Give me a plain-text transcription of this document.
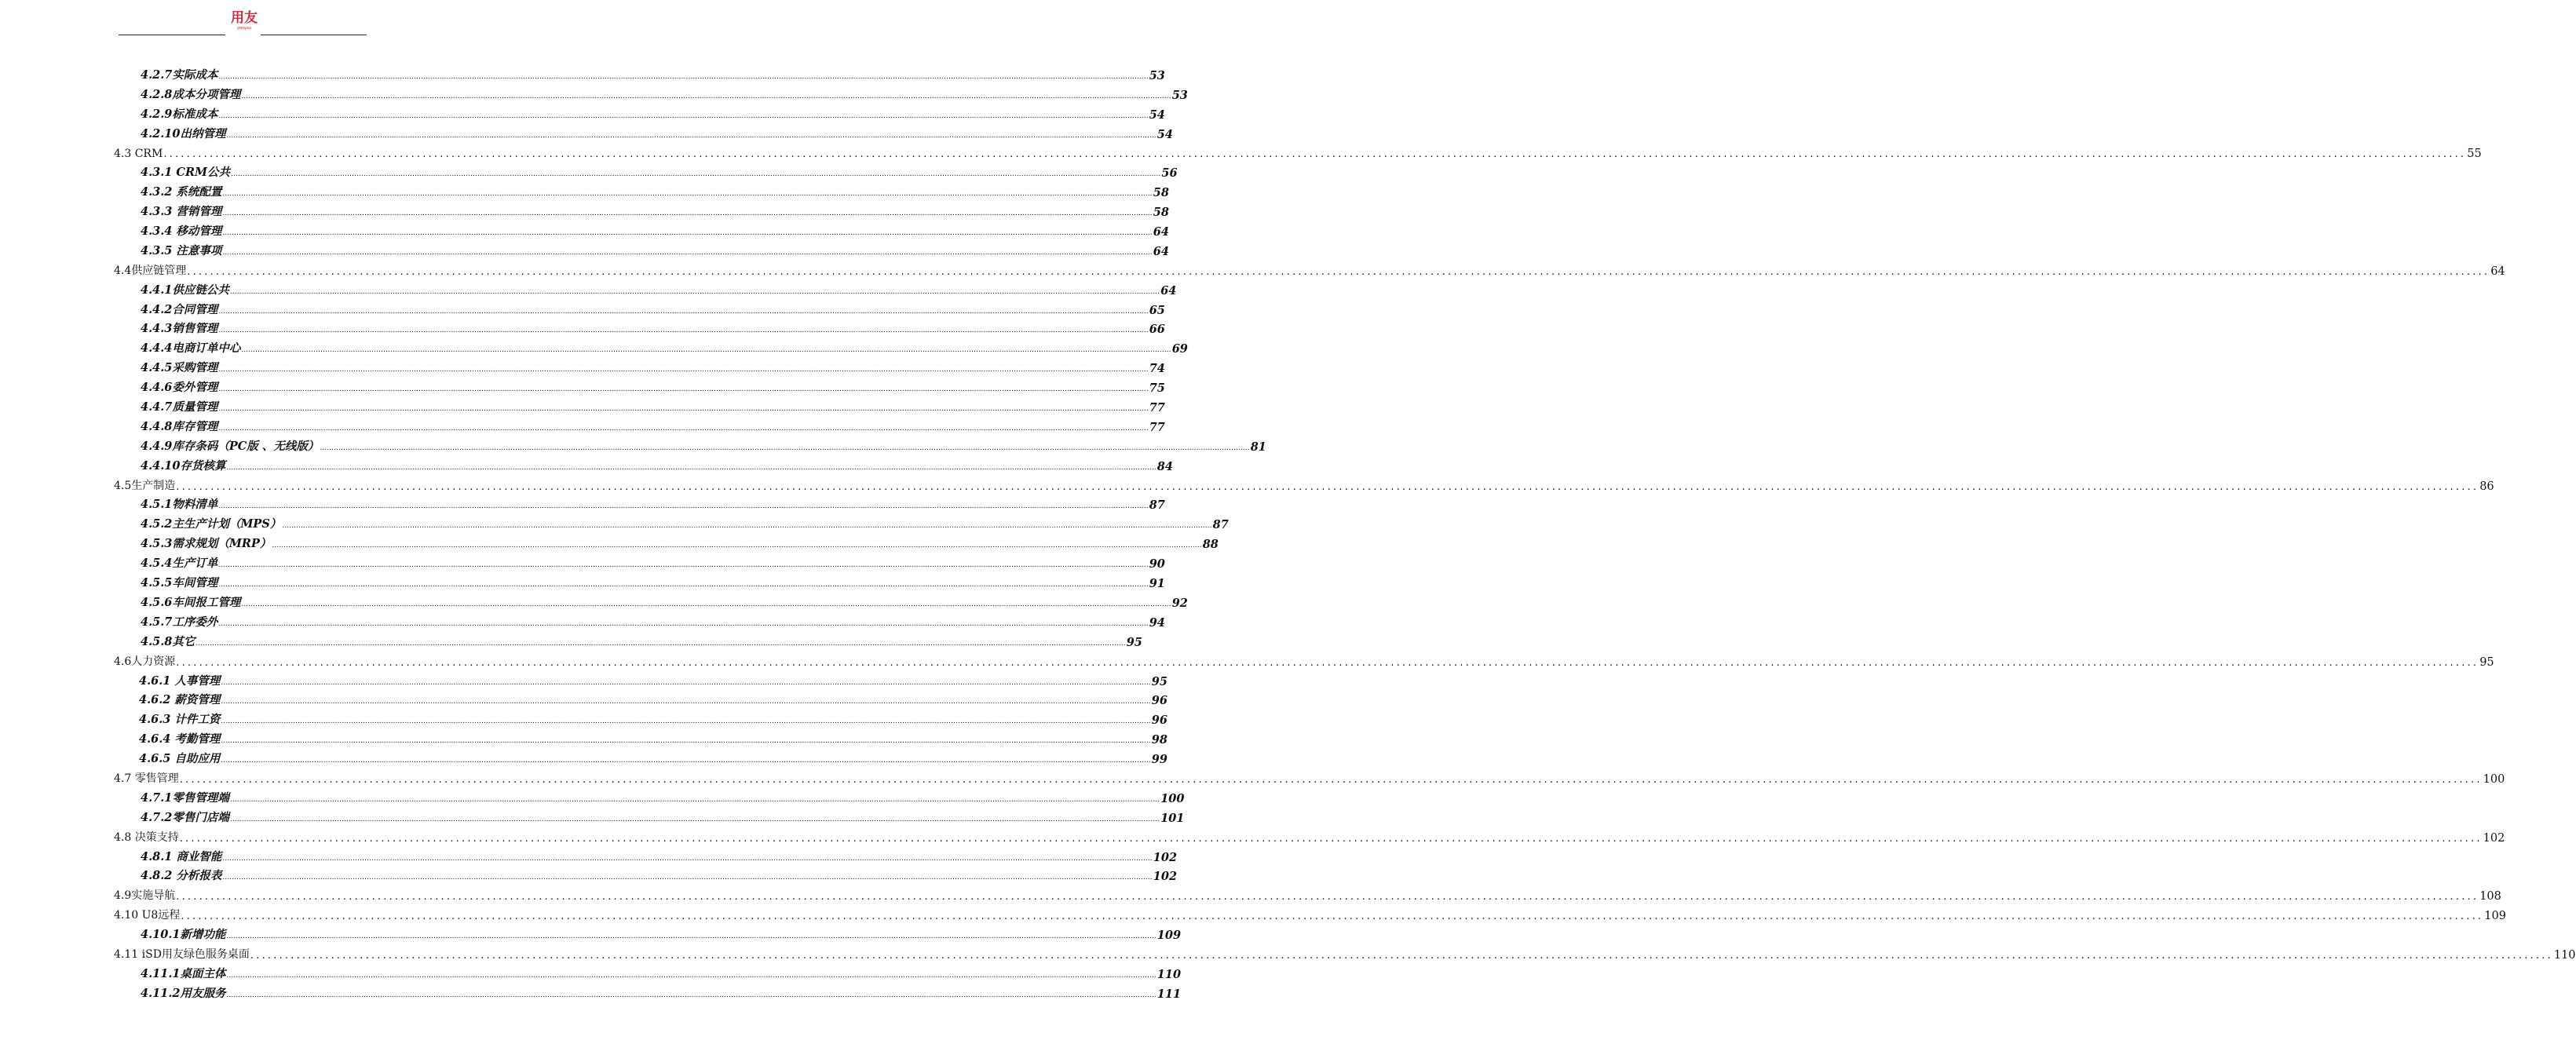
用友
yonyou
4.2.7实际成本 ................................................................................................................................................................................................................................................................................................................................................................................................................ 53
4.2.8成本分项管理 ................................................................................................................................................................................................................................................................................................................................................................................................................ 53
4.2.9标准成本 ................................................................................................................................................................................................................................................................................................................................................................................................................ 54
4.2.10出纳管理 ................................................................................................................................................................................................................................................................................................................................................................................................................ 54
4.3 CRM ................................................................................................................................................................................................................................................................................................................................................................................................................ 55
4.3.1 CRM公共 ................................................................................................................................................................................................................................................................................................................................................................................................................ 56
4.3.2 系统配置 ................................................................................................................................................................................................................................................................................................................................................................................................................ 58
4.3.3 营销管理 ................................................................................................................................................................................................................................................................................................................................................................................................................ 58
4.3.4 移动管理 ................................................................................................................................................................................................................................................................................................................................................................................................................ 64
4.3.5 注意事项 ................................................................................................................................................................................................................................................................................................................................................................................................................ 64
4.4供应链管理 ................................................................................................................................................................................................................................................................................................................................................................................................................ 64
4.4.1供应链公共 ................................................................................................................................................................................................................................................................................................................................................................................................................ 64
4.4.2合同管理 ................................................................................................................................................................................................................................................................................................................................................................................................................ 65
4.4.3销售管理 ................................................................................................................................................................................................................................................................................................................................................................................................................ 66
4.4.4电商订单中心 ................................................................................................................................................................................................................................................................................................................................................................................................................ 69
4.4.5采购管理 ................................................................................................................................................................................................................................................................................................................................................................................................................ 74
4.4.6委外管理 ................................................................................................................................................................................................................................................................................................................................................................................................................ 75
4.4.7质量管理 ................................................................................................................................................................................................................................................................................................................................................................................................................ 77
4.4.8库存管理 ................................................................................................................................................................................................................................................................................................................................................................................................................ 77
4.4.9库存条码（PC版 、无线版） ................................................................................................................................................................................................................................................................................................................................................................................................................ 81
4.4.10存货核算 ................................................................................................................................................................................................................................................................................................................................................................................................................ 84
4.5生产制造 ................................................................................................................................................................................................................................................................................................................................................................................................................ 86
4.5.1物料清单 ................................................................................................................................................................................................................................................................................................................................................................................................................ 87
4.5.2主生产计划（MPS） ................................................................................................................................................................................................................................................................................................................................................................................................................ 87
4.5.3需求规划（MRP） ................................................................................................................................................................................................................................................................................................................................................................................................................ 88
4.5.4生产订单 ................................................................................................................................................................................................................................................................................................................................................................................................................ 90
4.5.5车间管理 ................................................................................................................................................................................................................................................................................................................................................................................................................ 91
4.5.6车间报工管理 ................................................................................................................................................................................................................................................................................................................................................................................................................ 92
4.5.7工序委外 ................................................................................................................................................................................................................................................................................................................................................................................................................ 94
4.5.8其它 ................................................................................................................................................................................................................................................................................................................................................................................................................ 95
4.6人力资源 ................................................................................................................................................................................................................................................................................................................................................................................................................ 95
4.6.1 人事管理 ................................................................................................................................................................................................................................................................................................................................................................................................................ 95
4.6.2 薪资管理 ................................................................................................................................................................................................................................................................................................................................................................................................................ 96
4.6.3 计件工资 ................................................................................................................................................................................................................................................................................................................................................................................................................ 96
4.6.4 考勤管理 ................................................................................................................................................................................................................................................................................................................................................................................................................ 98
4.6.5 自助应用 ................................................................................................................................................................................................................................................................................................................................................................................................................ 99
4.7 零售管理 ................................................................................................................................................................................................................................................................................................................................................................................................................ 100
4.7.1零售管理端 ................................................................................................................................................................................................................................................................................................................................................................................................................ 100
4.7.2零售门店端 ................................................................................................................................................................................................................................................................................................................................................................................................................ 101
4.8 决策支持 ................................................................................................................................................................................................................................................................................................................................................................................................................ 102
4.8.1 商业智能 ................................................................................................................................................................................................................................................................................................................................................................................................................ 102
4.8.2 分析报表 ................................................................................................................................................................................................................................................................................................................................................................................................................ 102
4.9实施导航 ................................................................................................................................................................................................................................................................................................................................................................................................................ 108
4.10 U8远程 ................................................................................................................................................................................................................................................................................................................................................................................................................ 109
4.10.1新增功能 ................................................................................................................................................................................................................................................................................................................................................................................................................ 109
4.11 iSD用友绿色服务桌面 ................................................................................................................................................................................................................................................................................................................................................................................................................ 110
4.11.1桌面主体 ................................................................................................................................................................................................................................................................................................................................................................................................................ 110
4.11.2用友服务 ................................................................................................................................................................................................................................................................................................................................................................................................................ 111
